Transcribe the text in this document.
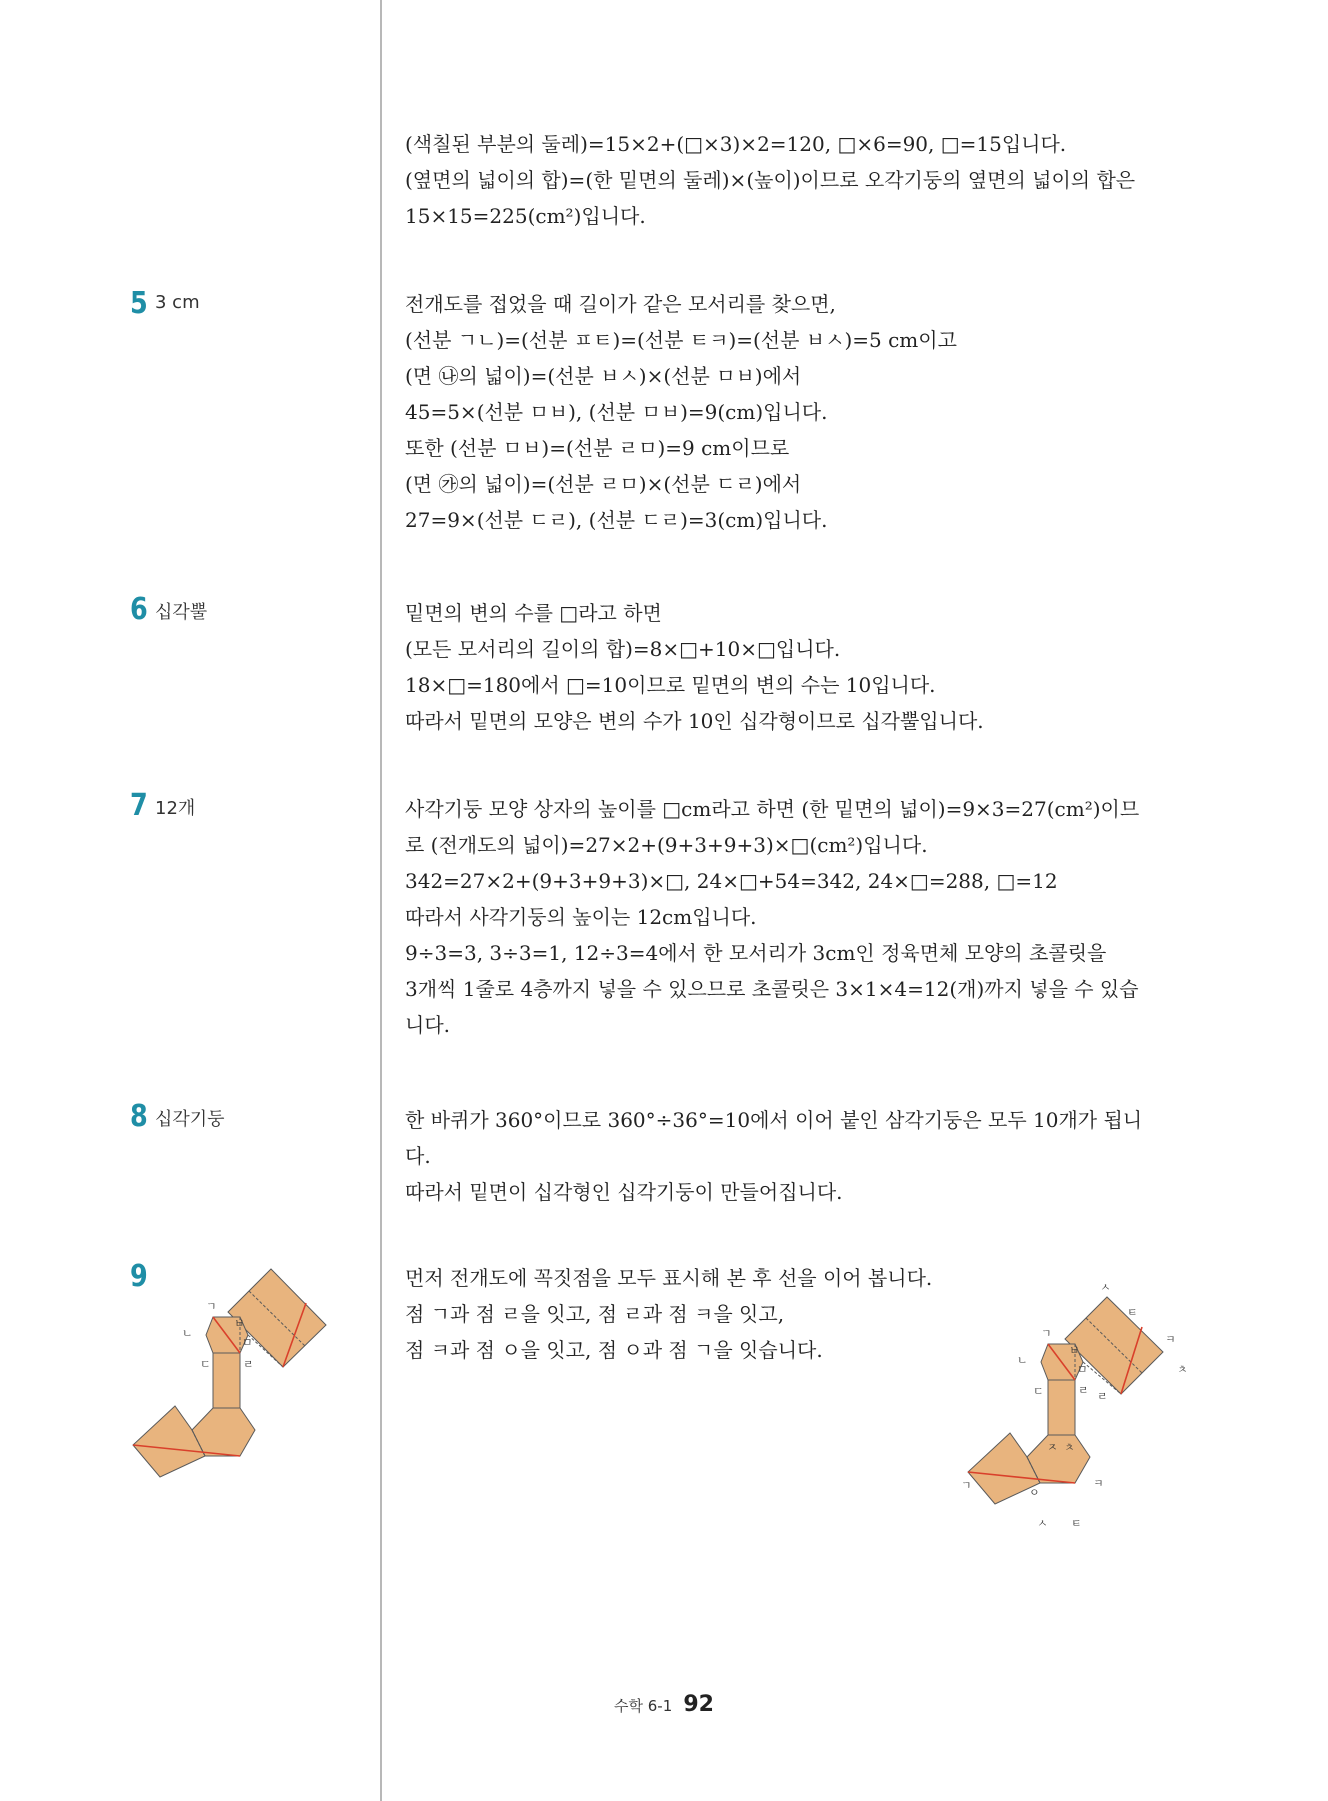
(색칠된 부분의 둘레)=15×2+(□×3)×2=120, □×6=90, □=15입니다.
(옆면의 넓이의 합)=(한 밑면의 둘레)×(높이)이므로 오각기둥의 옆면의 넓이의 합은
15×15=225(cm²)입니다.
5 3 cm	전개도를 접었을 때 길이가 같은 모서리를 찾으면,
(선분 ㄱㄴ)=(선분 ㅍㅌ)=(선분 ㅌㅋ)=(선분 ㅂㅅ)=5 cm이고
(면 ㉯의 넓이)=(선분 ㅂㅅ)×(선분 ㅁㅂ)에서
45=5×(선분 ㅁㅂ), (선분 ㅁㅂ)=9(cm)입니다.
또한 (선분 ㅁㅂ)=(선분 ㄹㅁ)=9 cm이므로
(면 ㉮의 넓이)=(선분 ㄹㅁ)×(선분 ㄷㄹ)에서
27=9×(선분 ㄷㄹ), (선분 ㄷㄹ)=3(cm)입니다.
6 십각뿔	밑면의 변의 수를 □라고 하면
(모든 모서리의 길이의 합)=8×□+10×□입니다.
18×□=180에서 □=10이므로 밑면의 변의 수는 10입니다.
따라서 밑면의 모양은 변의 수가 10인 십각형이므로 십각뿔입니다.
7 12개	사각기둥 모양 상자의 높이를 □cm라고 하면 (한 밑면의 넓이)=9×3=27(cm²)이므
로 (전개도의 넓이)=27×2+(9+3+9+3)×□(cm²)입니다.
342=27×2+(9+3+9+3)×□, 24×□+54=342, 24×□=288, □=12
따라서 사각기둥의 높이는 12cm입니다.
9÷3=3, 3÷3=1, 12÷3=4에서 한 모서리가 3cm인 정육면체 모양의 초콜릿을
3개씩 1줄로 4층까지 넣을 수 있으므로 초콜릿은 3×1×4=12(개)까지 넣을 수 있습
니다.
8 십각기둥	한 바퀴가 360°이므로 360°÷36°=10에서 이어 붙인 삼각기둥은 모두 10개가 됩니
다.
따라서 밑면이 십각형인 십각기둥이 만들어집니다.
9	먼저 전개도에 꼭짓점을 모두 표시해 본 후 선을 이어 봅니다.
점 ㄱ과 점 ㄹ을 잇고, 점 ㄹ과 점 ㅋ을 잇고,
점 ㅋ과 점 ㅇ을 잇고, 점 ㅇ과 점 ㄱ을 잇습니다.
ㄱ
ㄴ
ㄷ	ㄹ
ㅁ
ㅂ
ㅅ
ㅌ
ㅋ
ㅊ
ㄱ
ㅂ
ㅁ
ㄴ
ㄷ	ㄹ ㄹ
ㅈ ㅊ
ㄱ
ㅇ
ㅋ
ㅅ ㅌ
수학 6-1 92
